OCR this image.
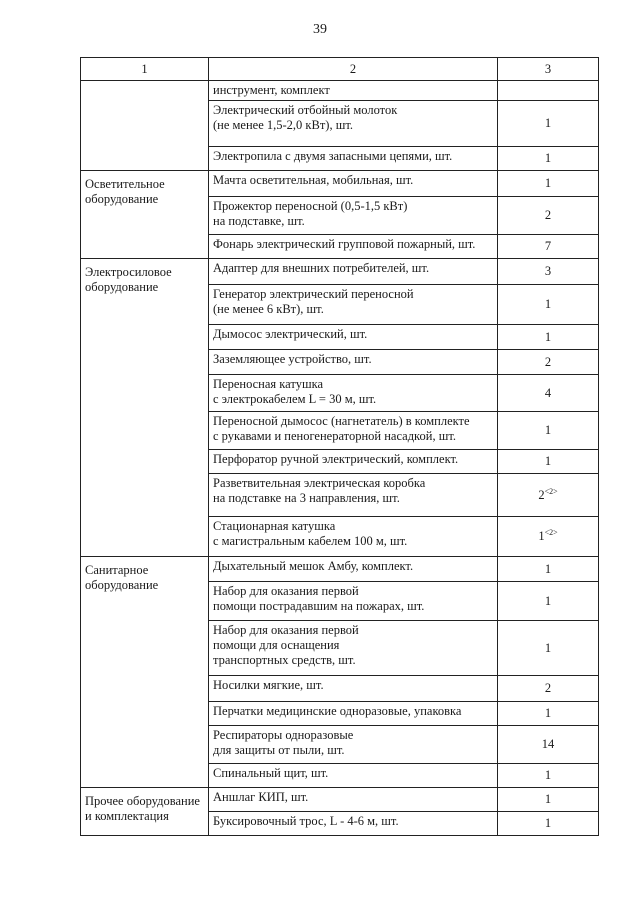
39
1	2	3
	инструмент, комплект	
	Электрический отбойный молоток
(не менее 1,5-2,0 кВт), шт.	1
	Электропила с двумя запасными цепями, шт.	1
Осветительное
оборудование	Мачта осветительная, мобильная, шт.	1
	Прожектор переносной (0,5-1,5 кВт)
на подставке, шт.	2
	Фонарь электрический групповой пожарный, шт.	7
Электросиловое
оборудование	Адаптер для внешних потребителей, шт.	3
	Генератор электрический переносной
(не менее 6 кВт), шт.	1
	Дымосос электрический, шт.	1
	Заземляющее устройство, шт.	2
	Переносная катушка
с электрокабелем L = 30 м, шт.	4
	Переносной дымосос (нагнетатель) в комплекте
с рукавами и пеногенераторной насадкой, шт.	1
	Перфоратор ручной электрический, комплект.	1
	Разветвительная электрическая коробка
на подставке на 3 направления, шт.	$2^{<2>}$
	Стационарная катушка
с магистральным кабелем 100 м, шт.	$1^{<2>}$
Санитарное
оборудование	Дыхательный мешок Амбу, комплект.	1
	Набор для оказания первой
помощи пострадавшим на пожарах, шт.	1
	Набор для оказания первой
помощи для оснащения
транспортных средств, шт.	1
	Носилки мягкие, шт.	2
	Перчатки медицинские одноразовые, упаковка	1
	Респираторы одноразовые
для защиты от пыли, шт.	14
	Спинальный щит, шт.	1
Прочее оборудование
и комплектация	Аншлаг КИП, шт.	1
	Буксировочный трос, L - 4-6 м, шт.	1
